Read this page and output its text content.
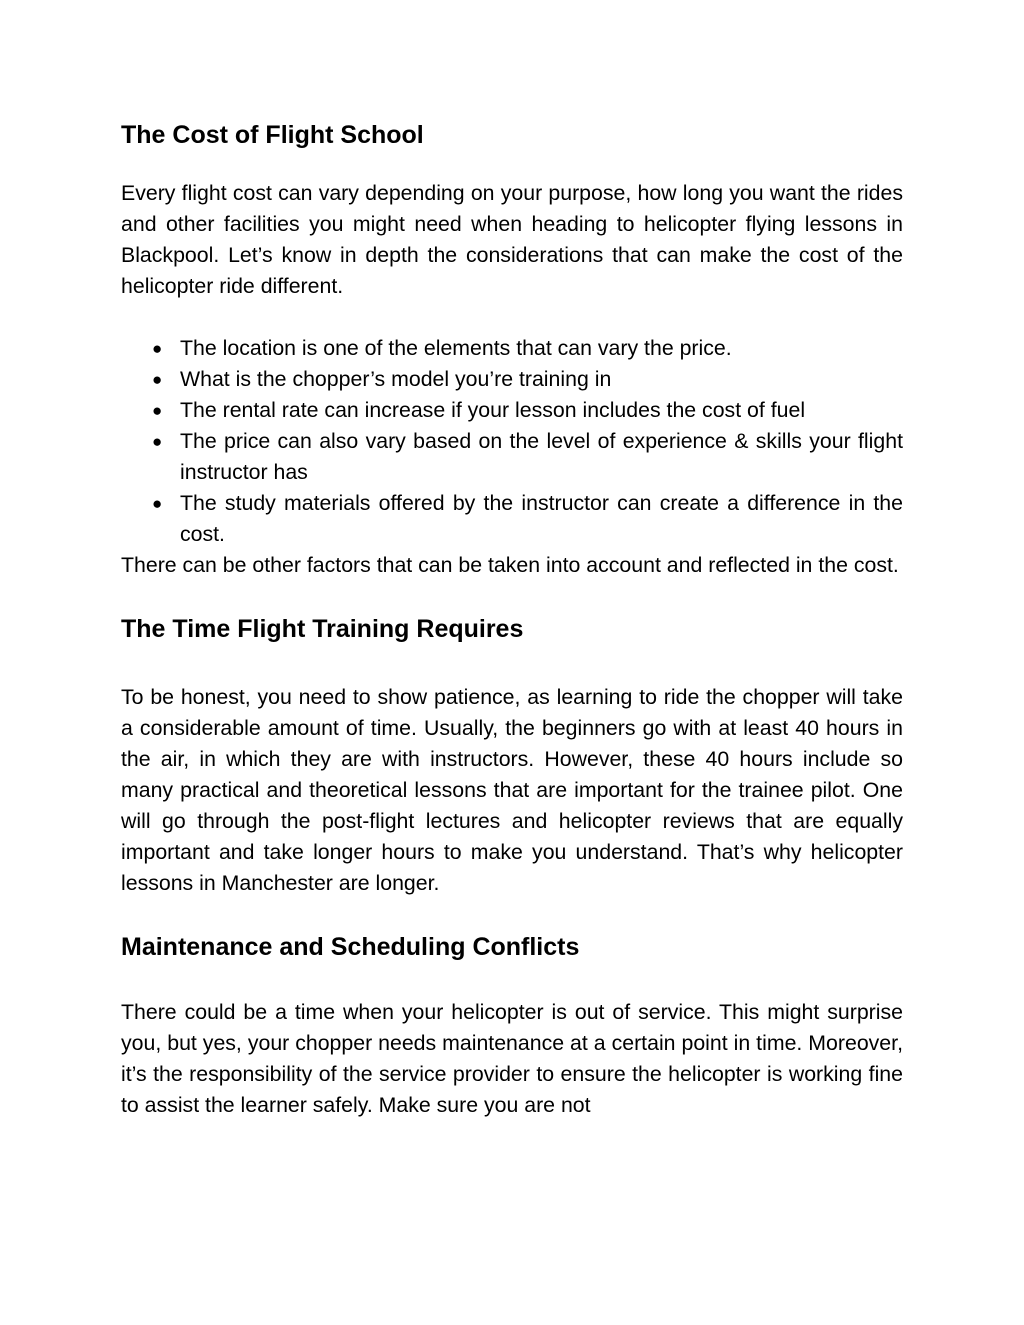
The Cost of Flight School

Every flight cost can vary depending on your purpose, how long you want the rides and other facilities you might need when heading to helicopter flying lessons in Blackpool. Let’s know in depth the considerations that can make the cost of the helicopter ride different.

● The location is one of the elements that can vary the price.
● What is the chopper’s model you’re training in
● The rental rate can increase if your lesson includes the cost of fuel
● The price can also vary based on the level of experience & skills your flight instructor has
● The study materials offered by the instructor can create a difference in the cost.

There can be other factors that can be taken into account and reflected in the cost.

The Time Flight Training Requires

To be honest, you need to show patience, as learning to ride the chopper will take a considerable amount of time. Usually, the beginners go with at least 40 hours in the air, in which they are with instructors. However, these 40 hours include so many practical and theoretical lessons that are important for the trainee pilot. One will go through the post-flight lectures and helicopter reviews that are equally important and take longer hours to make you understand. That’s why helicopter lessons in Manchester are longer.

Maintenance and Scheduling Conflicts

There could be a time when your helicopter is out of service. This might surprise you, but yes, your chopper needs maintenance at a certain point in time. Moreover, it’s the responsibility of the service provider to ensure the helicopter is working fine to assist the learner safely. Make sure you are not
